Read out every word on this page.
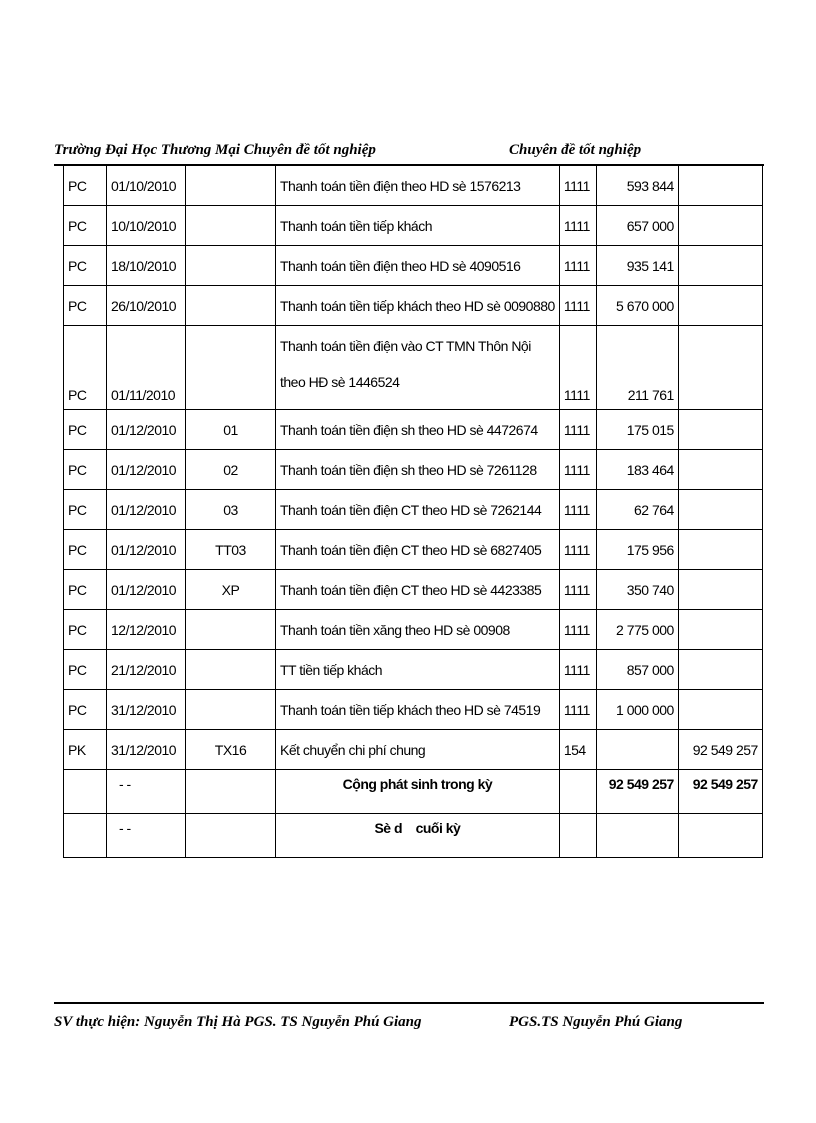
Trường Đại Học Thương Mại Chuyên đề tốt nghiệp	Chuyên đề tốt nghiệp
PC	01/10/2010		Thanh toán tiền điện theo HD sè 1576213	1111	593 844	
PC	10/10/2010		Thanh toán tiền tiếp khách	1111	657 000	
PC	18/10/2010		Thanh toán tiền điện theo HD sè 4090516	1111	935 141	
PC	26/10/2010		Thanh toán tiền tiếp khách theo HD sè 0090880	1111	5 670 000	
PC	01/11/2010		Thanh toán tiền điện vào CT TMN Thôn Nội theo HĐ sè 1446524	1111	211 761	
PC	01/12/2010	01	Thanh toán tiền điện sh theo HD sè 4472674	1111	175 015	
PC	01/12/2010	02	Thanh toán tiền điện sh theo HD sè 7261128	1111	183 464	
PC	01/12/2010	03	Thanh toán tiền điện CT theo HD sè 7262144	1111	62 764	
PC	01/12/2010	TT03	Thanh toán tiền điện CT theo HD sè 6827405	1111	175 956	
PC	01/12/2010	XP	Thanh toán tiền điện CT theo HD sè 4423385	1111	350 740	
PC	12/12/2010		Thanh toán tiền xăng theo HD sè 00908	1111	2 775 000	
PC	21/12/2010		TT tiền tiếp khách	1111	857 000	
PC	31/12/2010		Thanh toán tiền tiếp khách theo HD sè 74519	1111	1 000 000	
PK	31/12/2010	TX16	Kết chuyển chi phí chung	154		92 549 257
	- -		Cộng phát sinh trong kỳ		92 549 257	92 549 257
	- -		Sè d    cuối kỳ			
SV thực hiện: Nguyễn Thị Hà PGS. TS Nguyễn Phú Giang	PGS.TS Nguyễn Phú Giang
